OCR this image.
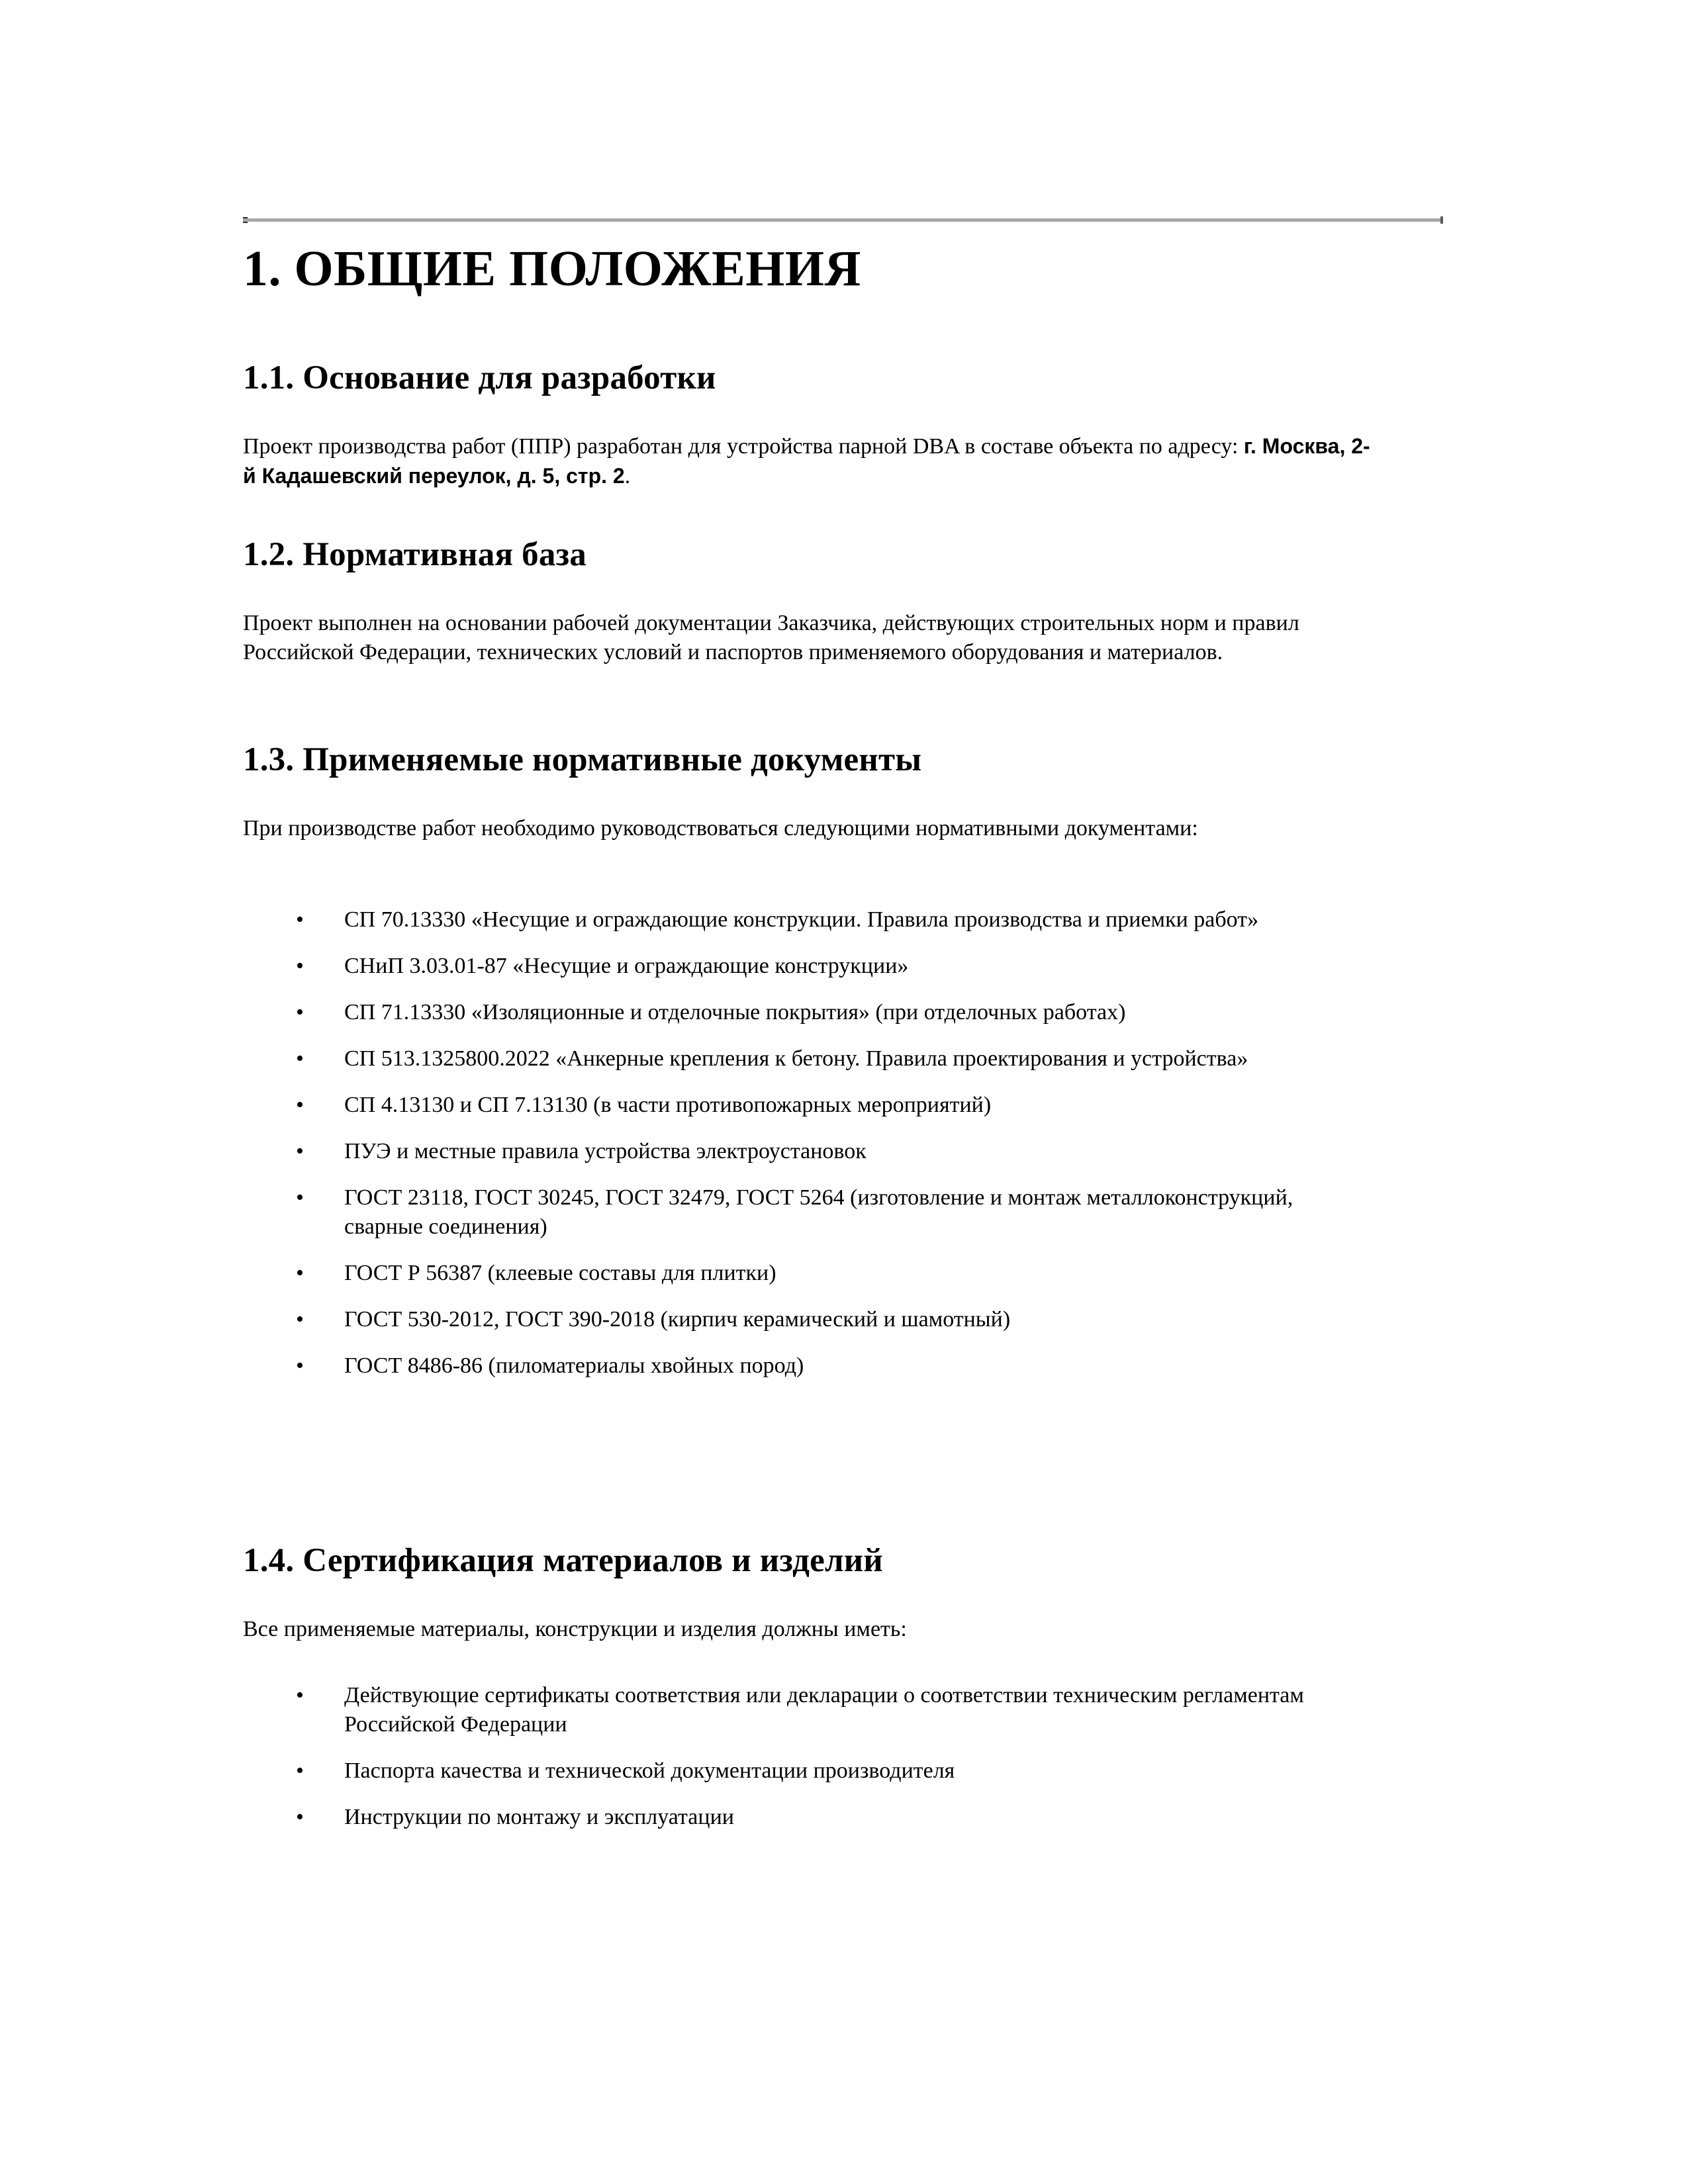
1. ОБЩИЕ ПОЛОЖЕНИЯ
1.1. Основание для разработки

Проект производства работ (ППР) разработан для устройства парной DBA в составе объекта по адресу: г. Москва, 2-й Кадашевский переулок, д. 5, стр. 2.

1.2. Нормативная база

Проект выполнен на основании рабочей документации Заказчика, действующих строительных норм и правил Российской Федерации, технических условий и паспортов применяемого оборудования и материалов.

1.3. Применяемые нормативные документы

При производстве работ необходимо руководствоваться следующими нормативными документами:

• СП 70.13330 «Несущие и ограждающие конструкции. Правила производства и приемки работ»
• СНиП 3.03.01-87 «Несущие и ограждающие конструкции»
• СП 71.13330 «Изоляционные и отделочные покрытия» (при отделочных работах)
• СП 513.1325800.2022 «Анкерные крепления к бетону. Правила проектирования и устройства»
• СП 4.13130 и СП 7.13130 (в части противопожарных мероприятий)
• ПУЭ и местные правила устройства электроустановок
• ГОСТ 23118, ГОСТ 30245, ГОСТ 32479, ГОСТ 5264 (изготовление и монтаж металлоконструкций, сварные соединения)
• ГОСТ Р 56387 (клеевые составы для плитки)
• ГОСТ 530-2012, ГОСТ 390-2018 (кирпич керамический и шамотный)
• ГОСТ 8486-86 (пиломатериалы хвойных пород)
1.4. Сертификация материалов и изделий

Все применяемые материалы, конструкции и изделия должны иметь:

• Действующие сертификаты соответствия или декларации о соответствии техническим регламентам Российской Федерации
• Паспорта качества и технической документации производителя
• Инструкции по монтажу и эксплуатации
